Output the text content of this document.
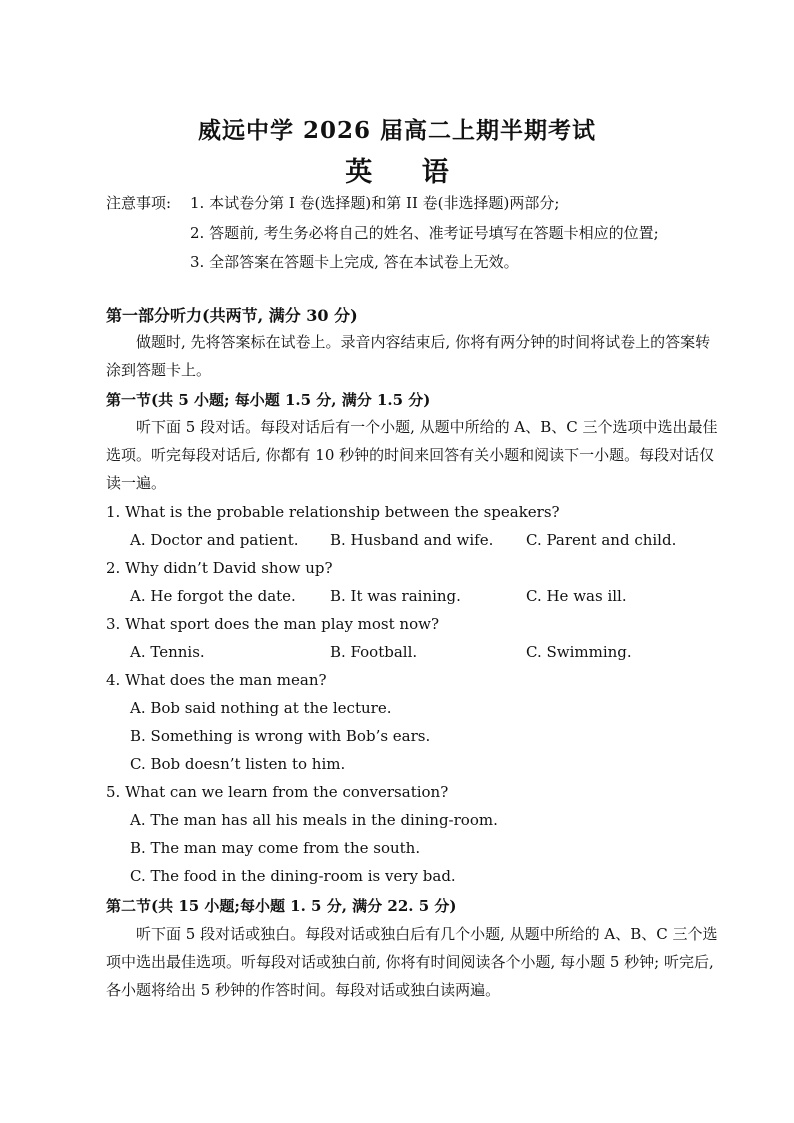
威远中学 2026 届高二上期半期考试
英 语
注意事项: 1. 本试卷分第 I 卷(选择题)和第 II 卷(非选择题)两部分;
2. 答题前, 考生务必将自己的姓名、准考证号填写在答题卡相应的位置;
3. 全部答案在答题卡上完成, 答在本试卷上无效。
第一部分听力(共两节, 满分 30 分)
做题时, 先将答案标在试卷上。录音内容结束后, 你将有两分钟的时间将试卷上的答案转涂到答题卡上。
第一节(共 5 小题; 每小题 1.5 分, 满分 1.5 分)
听下面 5 段对话。每段对话后有一个小题, 从题中所给的 A、B、C 三个选项中选出最佳选项。听完每段对话后, 你都有 10 秒钟的时间来回答有关小题和阅读下一小题。每段对话仅读一遍。
1. What is the probable relationship between the speakers?
A. Doctor and patient. B. Husband and wife. C. Parent and child.
2. Why didn’t David show up?
A. He forgot the date. B. It was raining.	C. He was ill.
3. What sport does the man play most now?
A. Tennis.	B. Football.	C. Swimming.
4. What does the man mean?
A. Bob said nothing at the lecture.
B. Something is wrong with Bob’s ears.
C. Bob doesn’t listen to him.
5. What can we learn from the conversation?
A. The man has all his meals in the dining-room.
B. The man may come from the south.
C. The food in the dining-room is very bad.
第二节(共 15 小题;每小题 1. 5 分, 满分 22. 5 分)
听下面 5 段对话或独白。每段对话或独白后有几个小题, 从题中所给的 A、B、C 三个选项中选出最佳选项。听每段对话或独白前, 你将有时间阅读各个小题, 每小题 5 秒钟; 听完后, 各小题将给出 5 秒钟的作答时间。每段对话或独白读两遍。
